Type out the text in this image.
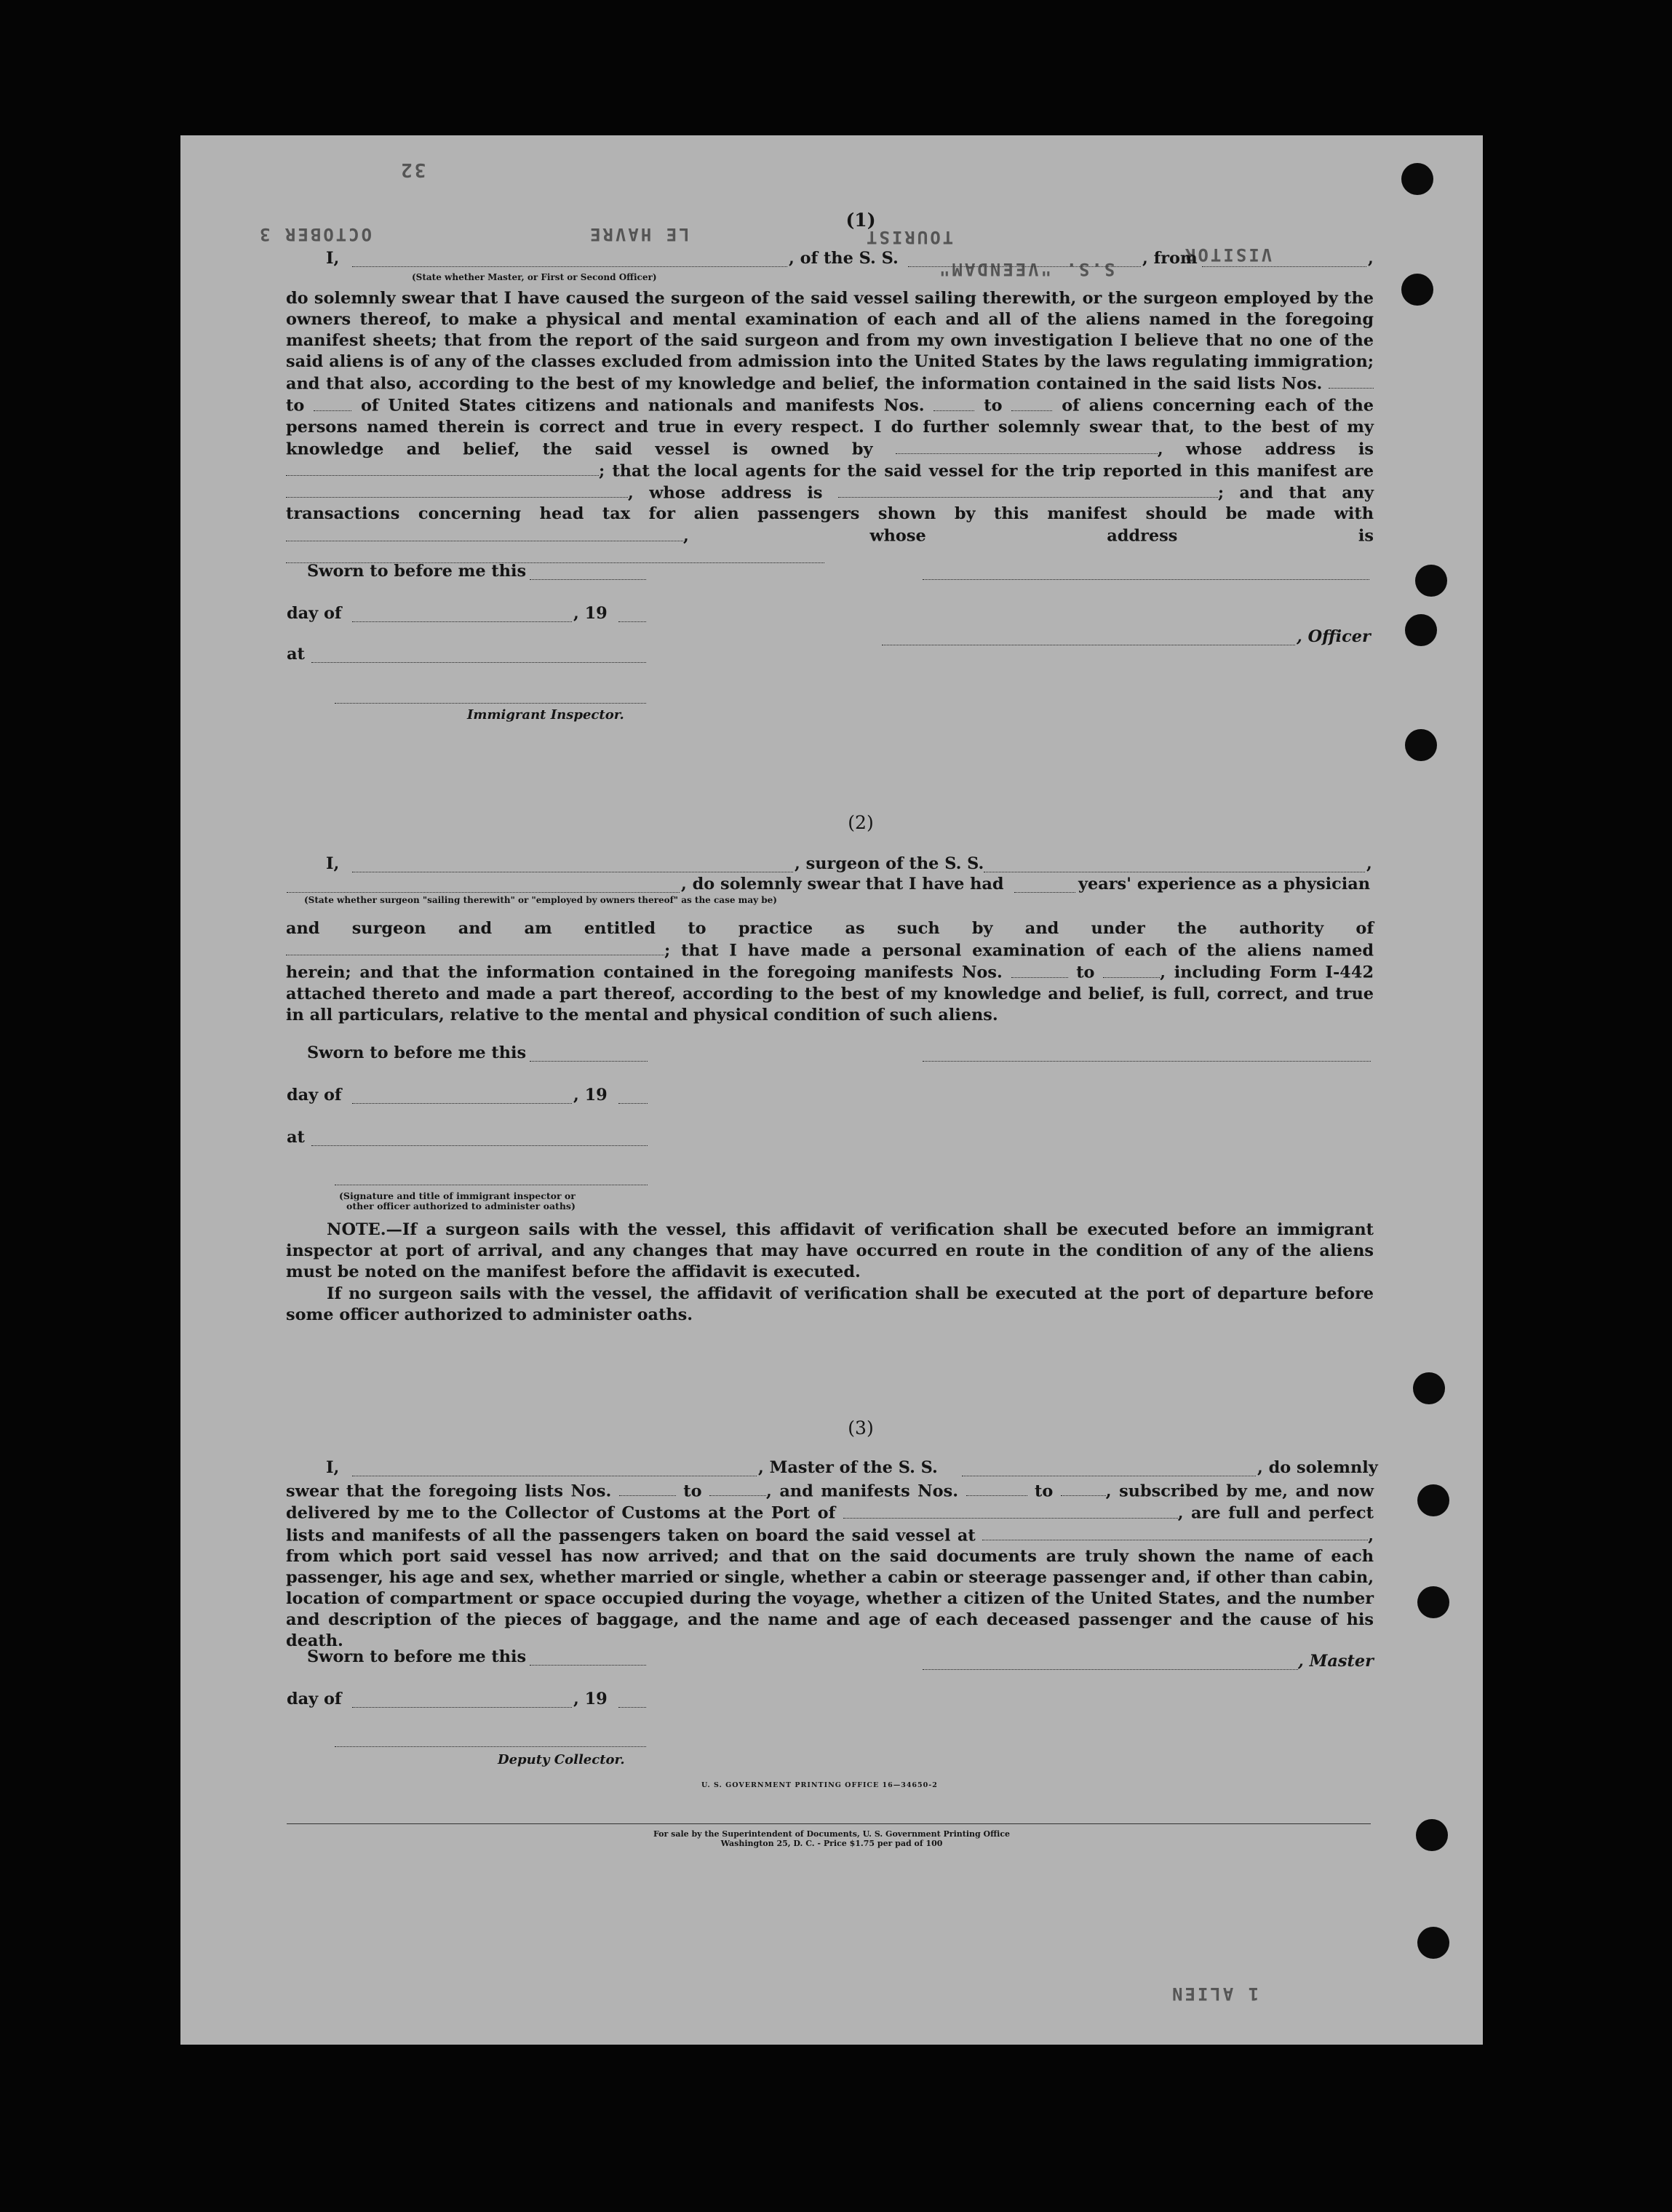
32
OCTOBER 3	LE HAVRE	TOURIST
VISITOR
S.S. "VEENDAM"
1 ALIEN
(1)
I,	, of the S. S.	, from	,
(State whether Master, or First or Second Officer)
do solemnly swear that I have caused the surgeon of the said vessel sailing therewith, or the surgeon employed by the owners thereof, to make a physical and mental examination of each and all of the aliens named in the foregoing manifest sheets; that from the report of the said surgeon and from my own investigation I believe that no one of the said aliens is of any of the classes excluded from admission into the United States by the laws regulating immigration; and that also, according to the best of my knowledge and belief, the information contained in the said lists Nos.  to	of United States citizens and nationals and manifests Nos.	to	of aliens concerning each of the persons named therein is correct and true in every respect. I do further solemnly swear that, to the best of my knowledge and belief, the said vessel is owned by	, whose address is ; that the local agents for the said vessel for the trip reported in this manifest are , whose address is	; and that any transactions concerning head tax for alien passengers shown by this manifest should be made with , whose address is
Sworn to before me this
day of	, 19
, Officer
at
Immigrant Inspector.
(2)
I,	, surgeon of the S. S.	,
, do solemnly swear that I have had	years' experience as a physician
(State whether surgeon "sailing therewith" or "employed by owners thereof" as the case may be)
and surgeon and am entitled to practice as such by and under the authority of ; that I have made a personal examination of each of the aliens named herein; and that the information contained in the foregoing manifests Nos.	to	, including Form I-442 attached thereto and made a part thereof, according to the best of my knowledge and belief, is full, correct, and true in all particulars, relative to the mental and physical condition of such aliens.
Sworn to before me this
day of	, 19
at
(Signature and title of immigrant inspector or
other officer authorized to administer oaths)
NOTE.—If a surgeon sails with the vessel, this affidavit of verification shall be executed before an immigrant inspector at port of arrival, and any changes that may have occurred en route in the condition of any of the aliens must be noted on the manifest before the affidavit is executed.
If no surgeon sails with the vessel, the affidavit of verification shall be executed at the port of departure before some officer authorized to administer oaths.
(3)
I,	, Master of the S. S.	, do solemnly
swear that the foregoing lists Nos.	to	, and manifests Nos.	to	, subscribed by me, and now delivered by me to the Collector of Customs at the Port of	, are full and perfect lists and manifests of all the passengers taken on board the said vessel at	, from which port said vessel has now arrived; and that on the said documents are truly shown the name of each passenger, his age and sex, whether married or single, whether a cabin or steerage passenger and, if other than cabin, location of compartment or space occupied during the voyage, whether a citizen of the United States, and the number and description of the pieces of baggage, and the name and age of each deceased passenger and the cause of his death.
Sworn to before me this	, Master
day of	, 19
Deputy Collector.
U. S. GOVERNMENT PRINTING OFFICE 16—34650-2
For sale by the Superintendent of Documents, U. S. Government Printing Office
Washington 25, D. C. - Price $1.75 per pad of 100
